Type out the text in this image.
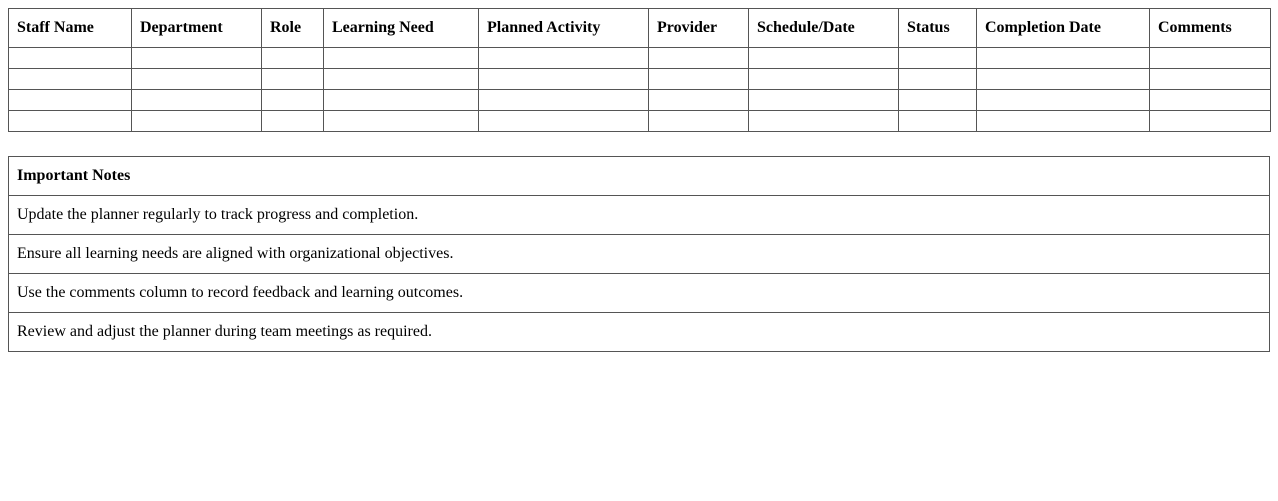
Staff Name	Department	Role	Learning Need	Planned Activity	Provider	Schedule/Date	Status	Completion Date	Comments

Important Notes
Update the planner regularly to track progress and completion.
Ensure all learning needs are aligned with organizational objectives.
Use the comments column to record feedback and learning outcomes.
Review and adjust the planner during team meetings as required.
